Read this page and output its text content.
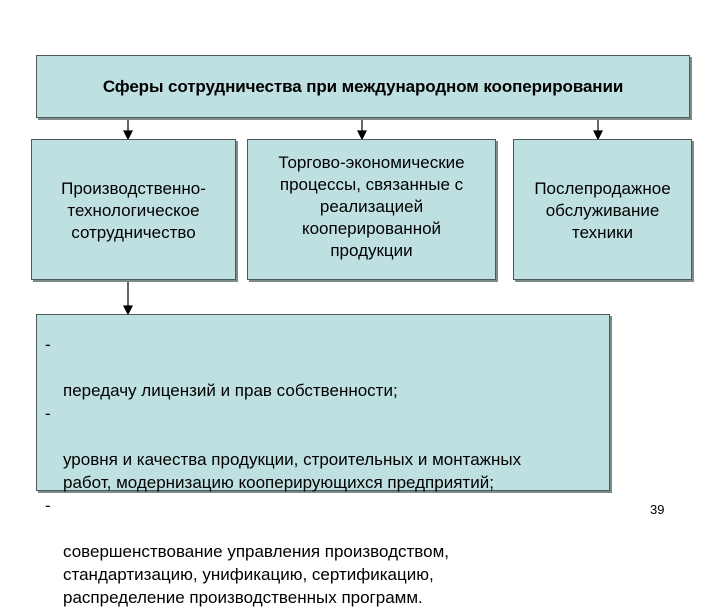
Сферы сотрудничества при международном кооперировании
Производственно-
технологическое
сотрудничество
Торгово-экономические
процессы, связанные с
реализацией
кооперированной
продукции
Послепродажное
обслуживание
техники

-

передачу лицензий и прав собственности;

-

уровня и качества продукции, строительных и монтажных
работ, модернизацию кооперирующихся предприятий;

-

совершенствование управления производством,
стандартизацию, унификацию, сертификацию,
распределение производственных программ.

39
